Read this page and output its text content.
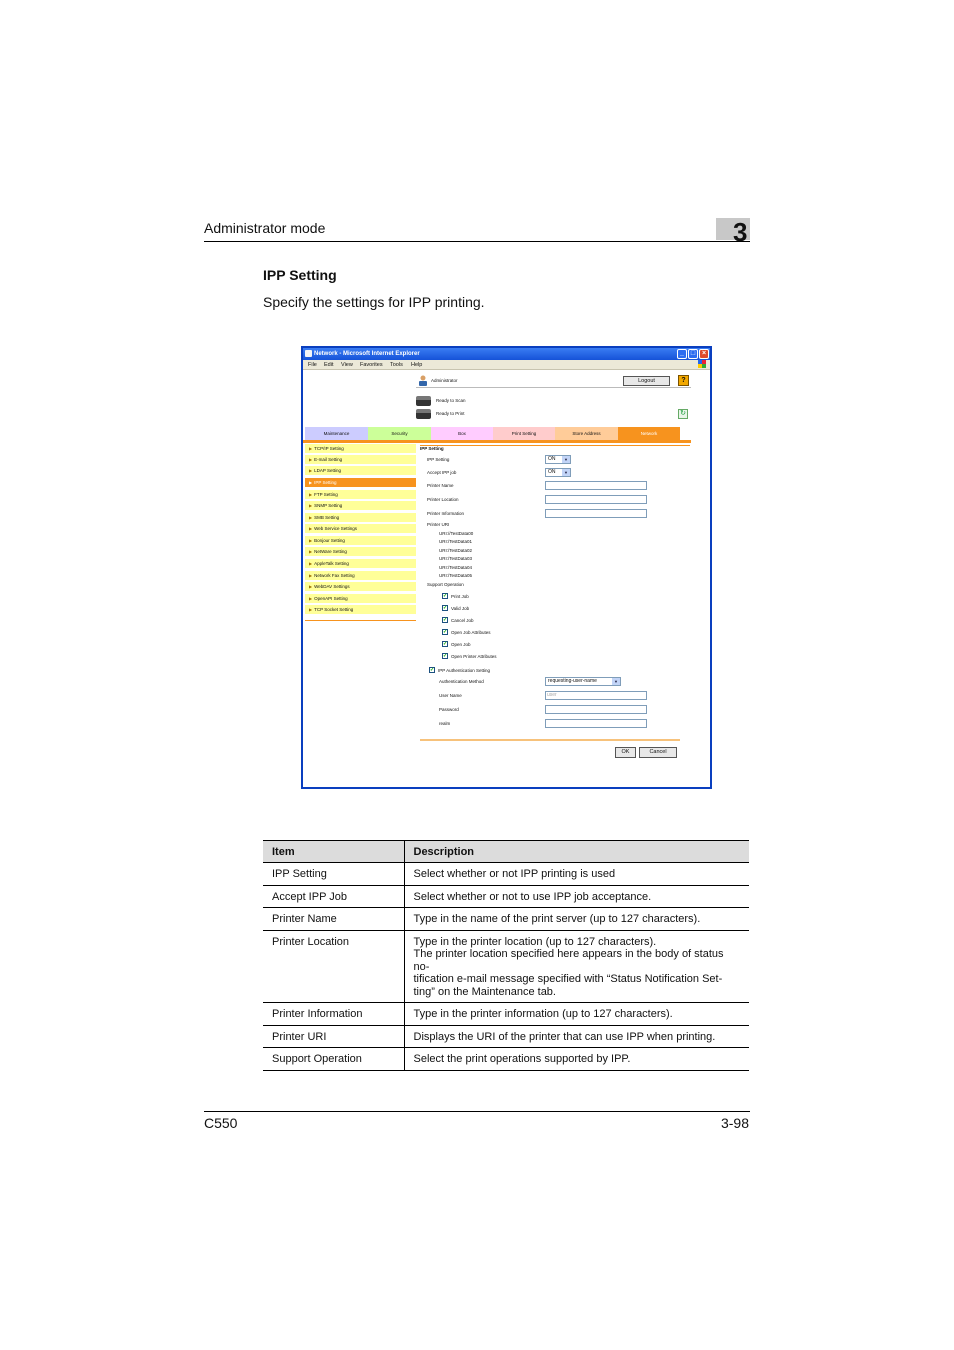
Administrator mode	3
IPP Setting
Specify the settings for IPP printing.
Network - Microsoft Internet Explorer	_ □ ×
File Edit View Favorites Tools Help
Administrator	Logout	?
Ready to Scan
Ready to Print	↻
Maintenance	Security	Box	Print Setting	Store Address	Network
▶ TCP/IP Setting
▶ E-mail Setting
▶ LDAP Setting
▶ IPP Setting
▶ FTP Setting
▶ SNMP Setting
▶ SMB Setting
▶ Web Service Settings
▶ Bonjour Setting
▶ NetWare Setting
▶ AppleTalk Setting
▶ Network Fax Setting
▶ WebDAV Settings
▶ OpenAPI Setting
▶ TCP Socket Setting
IPP Setting
IPP Setting	ON	▼
Accept IPP job	ON	▼
Printer Name
Printer Location
Printer Information
Printer URI
URI://TestData00
URI:/TestData01
URI:/TestData02
URI:/TestData03
URI:/TestData04
URI:/TestData05
Support Operation
✓ Print Job
✓ Valid Job
✓ Cancel Job
✓ Open Job Attributes
✓ Open Job
✓ Open Printer Attributes
✓ IPP Authentication Setting
Authentication Method	requesting-user-name	▼
User Name	user
Password
realm
OK	Cancel
Item	Description
IPP Setting	Select whether or not IPP printing is used
Accept IPP Job	Select whether or not to use IPP job acceptance.
Printer Name	Type in the name of the print server (up to 127 characters).
Printer Location	Type in the printer location (up to 127 characters).
The printer location specified here appears in the body of status no-
tification e-mail message specified with “Status Notification Set-
ting” on the Maintenance tab.
Printer Information	Type in the printer information (up to 127 characters).
Printer URI	Displays the URI of the printer that can use IPP when printing.
Support Operation	Select the print operations supported by IPP.
C550	3-98
